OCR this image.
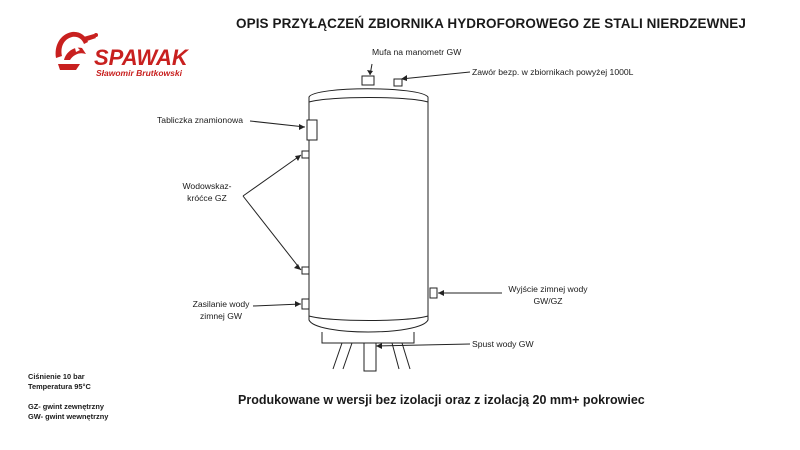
OPIS PRZYŁĄCZEŃ ZBIORNIKA HYDROFOROWEGO ZE STALI NIERDZEWNEJ
SPAWAK
Sławomir Brutkowski
Mufa na manometr GW
Zawór bezp. w zbiornikach powyżej 1000L
Tabliczka znamionowa
Wodowskaz-
króćce GZ
Zasilanie wody
zimnej GW
Wyjście zimnej wody
GW/GZ
Spust wody GW
Ciśnienie 10 bar
Temperatura 95°C
GZ- gwint zewnętrzny
GW- gwint wewnętrzny
Produkowane w wersji bez izolacji oraz z izolacją 20 mm+ pokrowiec
